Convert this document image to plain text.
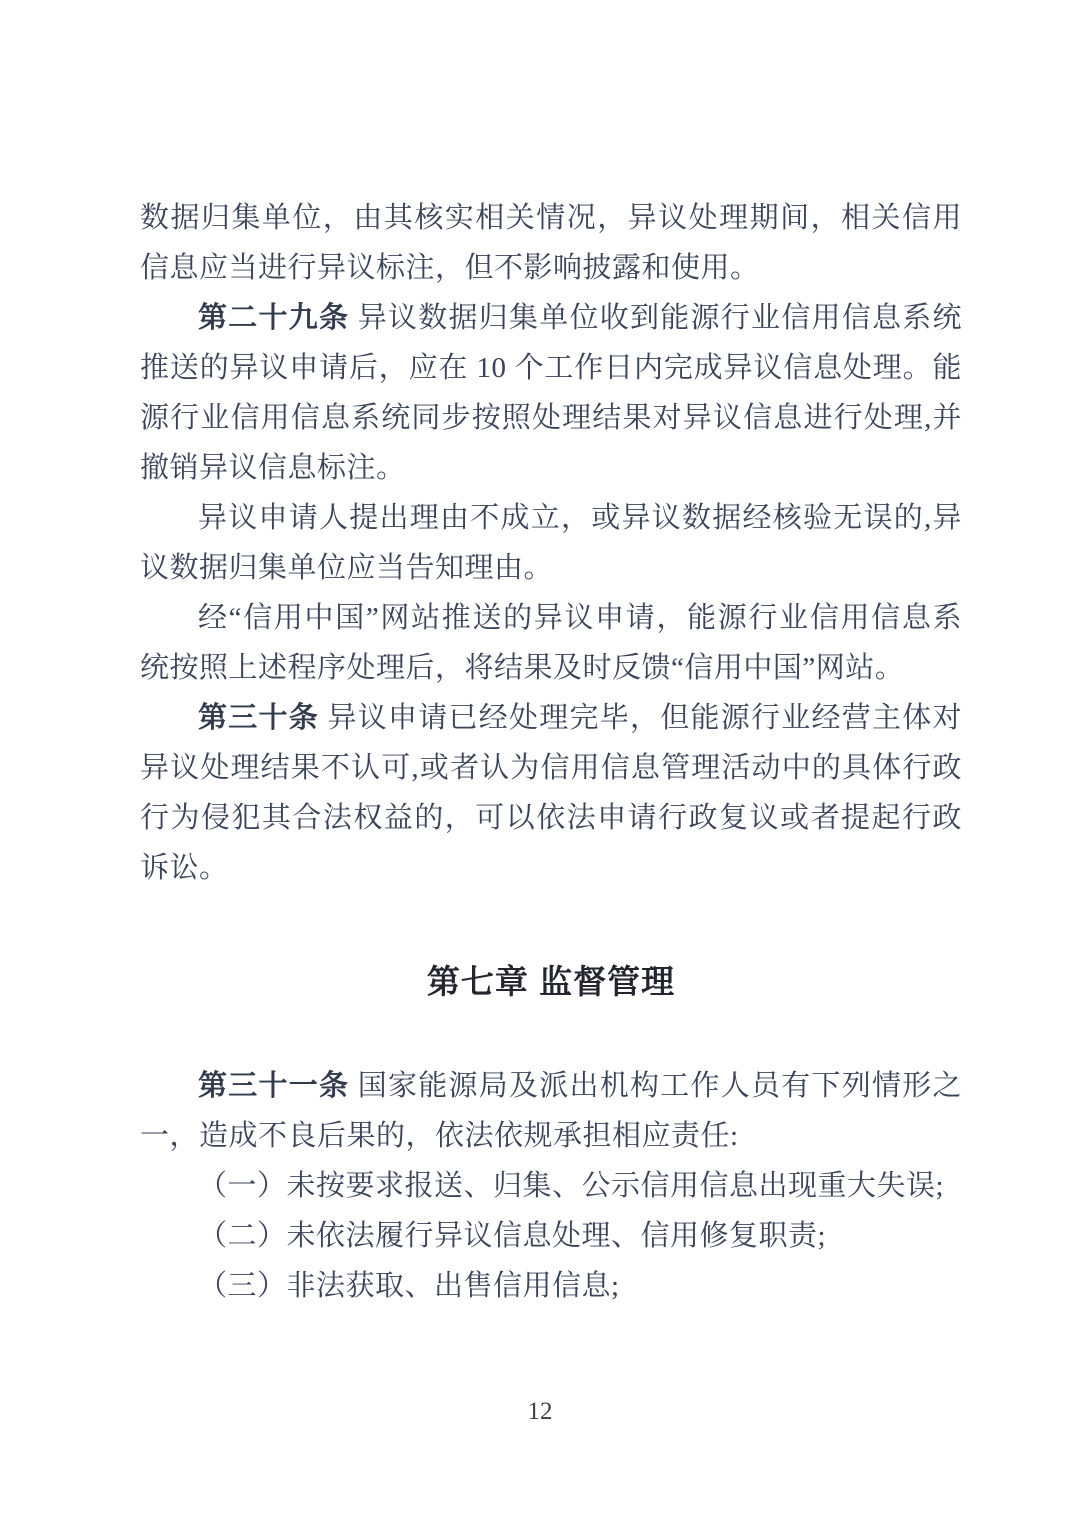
数据归集单位，由其核实相关情况，异议处理期间，相关信用信息应当进行异议标注，但不影响披露和使用。

第二十九条 异议数据归集单位收到能源行业信用信息系统推送的异议申请后，应在 10 个工作日内完成异议信息处理。能源行业信用信息系统同步按照处理结果对异议信息进行处理,并撤销异议信息标注。

异议申请人提出理由不成立，或异议数据经核验无误的,异议数据归集单位应当告知理由。

经“信用中国”网站推送的异议申请，能源行业信用信息系统按照上述程序处理后，将结果及时反馈“信用中国”网站。

第三十条 异议申请已经处理完毕，但能源行业经营主体对异议处理结果不认可,或者认为信用信息管理活动中的具体行政行为侵犯其合法权益的，可以依法申请行政复议或者提起行政诉讼。

第七章 监督管理

第三十一条 国家能源局及派出机构工作人员有下列情形之一，造成不良后果的，依法依规承担相应责任:

（一）未按要求报送、归集、公示信用信息出现重大失误;

（二）未依法履行异议信息处理、信用修复职责;

（三）非法获取、出售信用信息;

12
